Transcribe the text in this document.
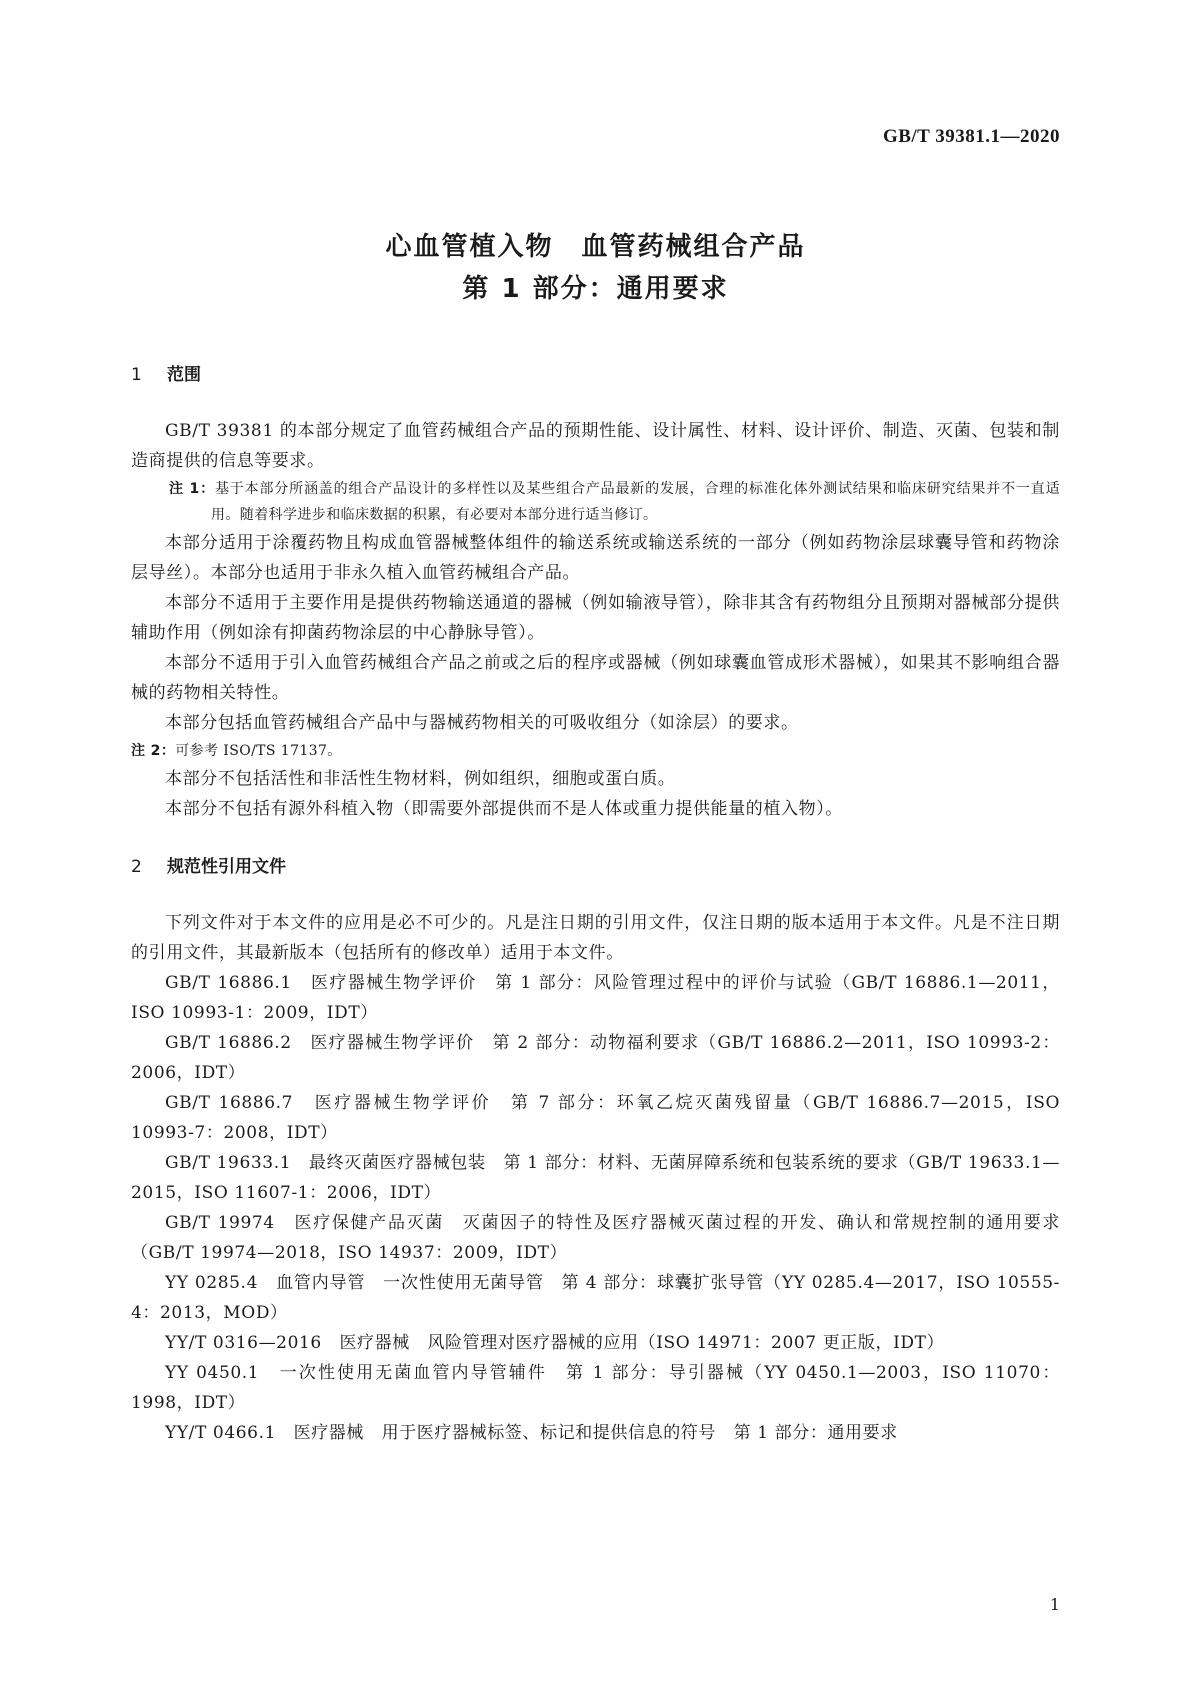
GB/T 39381.1—2020
心血管植入物 血管药械组合产品
第 1 部分：通用要求
1 范围

GB/T 39381 的本部分规定了血管药械组合产品的预期性能、设计属性、材料、设计评价、制造、灭菌、包装和制造商提供的信息等要求。

注 1：基于本部分所涵盖的组合产品设计的多样性以及某些组合产品最新的发展，合理的标准化体外测试结果和临床研究结果并不一直适用。随着科学进步和临床数据的积累，有必要对本部分进行适当修订。

本部分适用于涂覆药物且构成血管器械整体组件的输送系统或输送系统的一部分（例如药物涂层球囊导管和药物涂层导丝）。本部分也适用于非永久植入血管药械组合产品。

本部分不适用于主要作用是提供药物输送通道的器械（例如输液导管），除非其含有药物组分且预期对器械部分提供辅助作用（例如涂有抑菌药物涂层的中心静脉导管）。

本部分不适用于引入血管药械组合产品之前或之后的程序或器械（例如球囊血管成形术器械），如果其不影响组合器械的药物相关特性。

本部分包括血管药械组合产品中与器械药物相关的可吸收组分（如涂层）的要求。

注 2：可参考 ISO/TS 17137。

本部分不包括活性和非活性生物材料，例如组织，细胞或蛋白质。

本部分不包括有源外科植入物（即需要外部提供而不是人体或重力提供能量的植入物）。

2 规范性引用文件

下列文件对于本文件的应用是必不可少的。凡是注日期的引用文件，仅注日期的版本适用于本文件。凡是不注日期的引用文件，其最新版本（包括所有的修改单）适用于本文件。

GB/T 16886.1　医疗器械生物学评价　第 1 部分：风险管理过程中的评价与试验（GB/T 16886.1—2011，ISO 10993-1：2009，IDT）

GB/T 16886.2　医疗器械生物学评价　第 2 部分：动物福利要求（GB/T 16886.2—2011，ISO 10993-2：2006，IDT）

GB/T 16886.7　医疗器械生物学评价　第 7 部分：环氧乙烷灭菌残留量（GB/T 16886.7—2015，ISO 10993-7：2008，IDT）

GB/T 19633.1　最终灭菌医疗器械包装　第 1 部分：材料、无菌屏障系统和包装系统的要求（GB/T 19633.1—2015，ISO 11607-1：2006，IDT）

GB/T 19974　医疗保健产品灭菌　灭菌因子的特性及医疗器械灭菌过程的开发、确认和常规控制的通用要求（GB/T 19974—2018，ISO 14937：2009，IDT）

YY 0285.4　血管内导管　一次性使用无菌导管　第 4 部分：球囊扩张导管（YY 0285.4—2017，ISO 10555-4：2013，MOD）

YY/T 0316—2016　医疗器械　风险管理对医疗器械的应用（ISO 14971：2007 更正版，IDT）

YY 0450.1　一次性使用无菌血管内导管辅件　第 1 部分：导引器械（YY 0450.1—2003，ISO 11070：1998，IDT）

YY/T 0466.1　医疗器械　用于医疗器械标签、标记和提供信息的符号　第 1 部分：通用要求

1
